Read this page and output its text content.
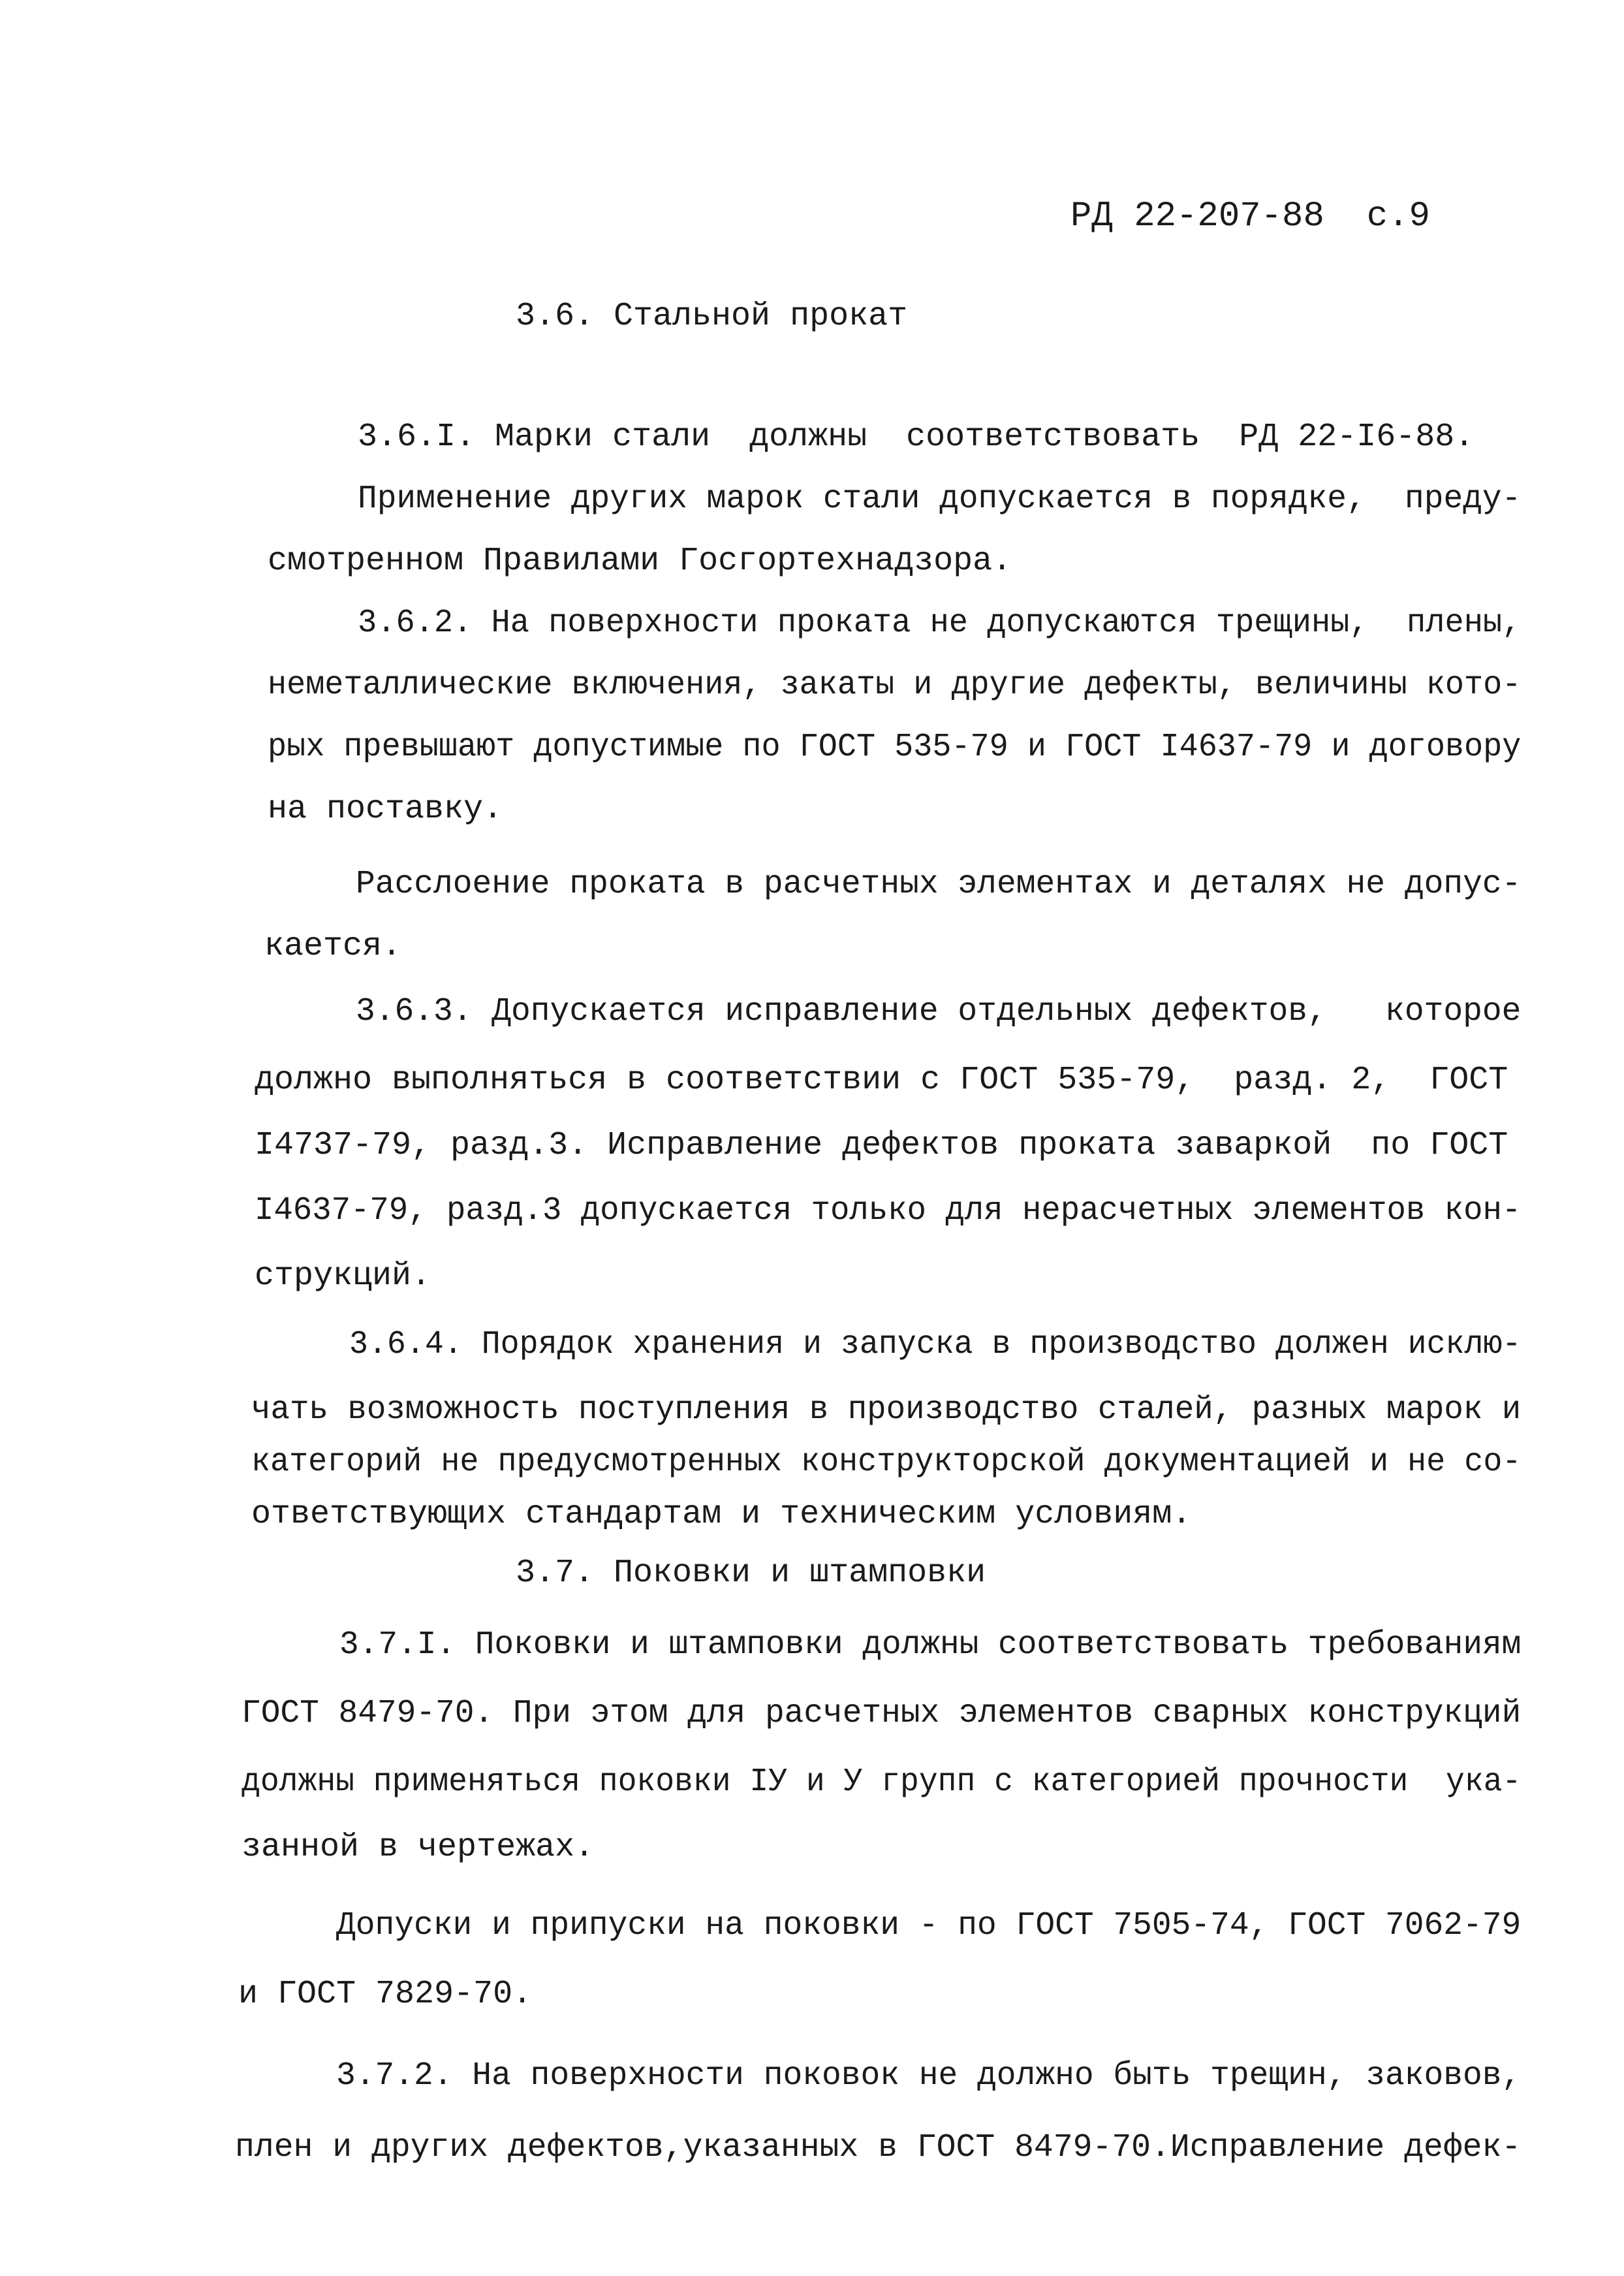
РД 22-207-88 с.9
3.6. Стальной прокат
3.6.I. Марки стали  должны  соответствовать  РД 22-I6-88.
Применение других марок стали допускается в порядке,  преду-
смотренном Правилами Госгортехнадзора.
3.6.2. На поверхности проката не допускаются трещины,  плены,
неметаллические включения, закаты и другие дефекты, величины кото-
рых превышают допустимые по ГОСТ 535-79 и ГОСТ I4637-79 и договору
на поставку.
Расслоение проката в расчетных элементах и деталях не допус-
кается.
3.6.3. Допускается исправление отдельных дефектов,   которое
должно выполняться в соответствии с ГОСТ 535-79,  разд. 2,  ГОСТ
I4737-79, разд.3. Исправление дефектов проката заваркой  по ГОСТ
I4637-79, разд.3 допускается только для нерасчетных элементов кон-
струкций.
3.6.4. Порядок хранения и запуска в производство должен исклю-
чать возможность поступления в производство сталей, разных марок и
категорий не предусмотренных конструкторской документацией и не со-
ответствующих стандартам и техническим условиям.
3.7. Поковки и штамповки
3.7.I. Поковки и штамповки должны соответствовать требованиям
ГОСТ 8479-70. При этом для расчетных элементов сварных конструкций
должны применяться поковки IУ и У групп с категорией прочности  ука-
занной в чертежах.
Допуски и припуски на поковки - по ГОСТ 7505-74, ГОСТ 7062-79
и ГОСТ 7829-70.
3.7.2. На поверхности поковок не должно быть трещин, заковов,
плен и других дефектов,указанных в ГОСТ 8479-70.Исправление дефек-
